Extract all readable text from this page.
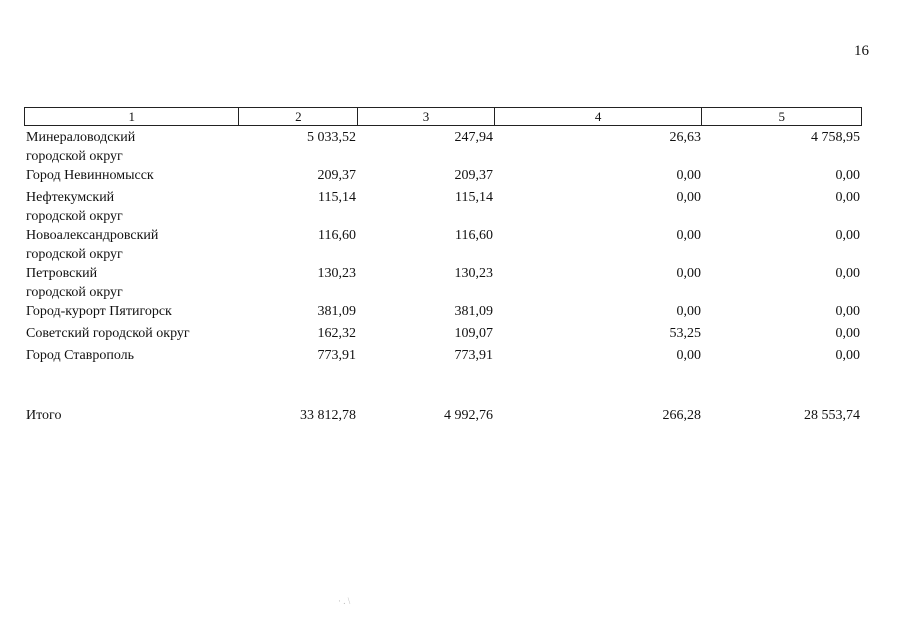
16
1	2	3	4	5
Минераловодский
городской округ
5 033,52	247,94	26,63	4 758,95
Город Невинномысск	209,37	209,37	0,00	0,00
Нефтекумский
городской округ
115,14	115,14	0,00	0,00
Новоалександровский
городской округ
116,60	116,60	0,00	0,00
Петровский
городской округ
130,23	130,23	0,00	0,00
Город-курорт Пятигорск	381,09	381,09	0,00	0,00
Советский городской округ	162,32	109,07	53,25	0,00
Город Ставрополь	773,91	773,91	0,00	0,00
Итого	33 812,78	4 992,76	266,28	28 553,74
· . \
